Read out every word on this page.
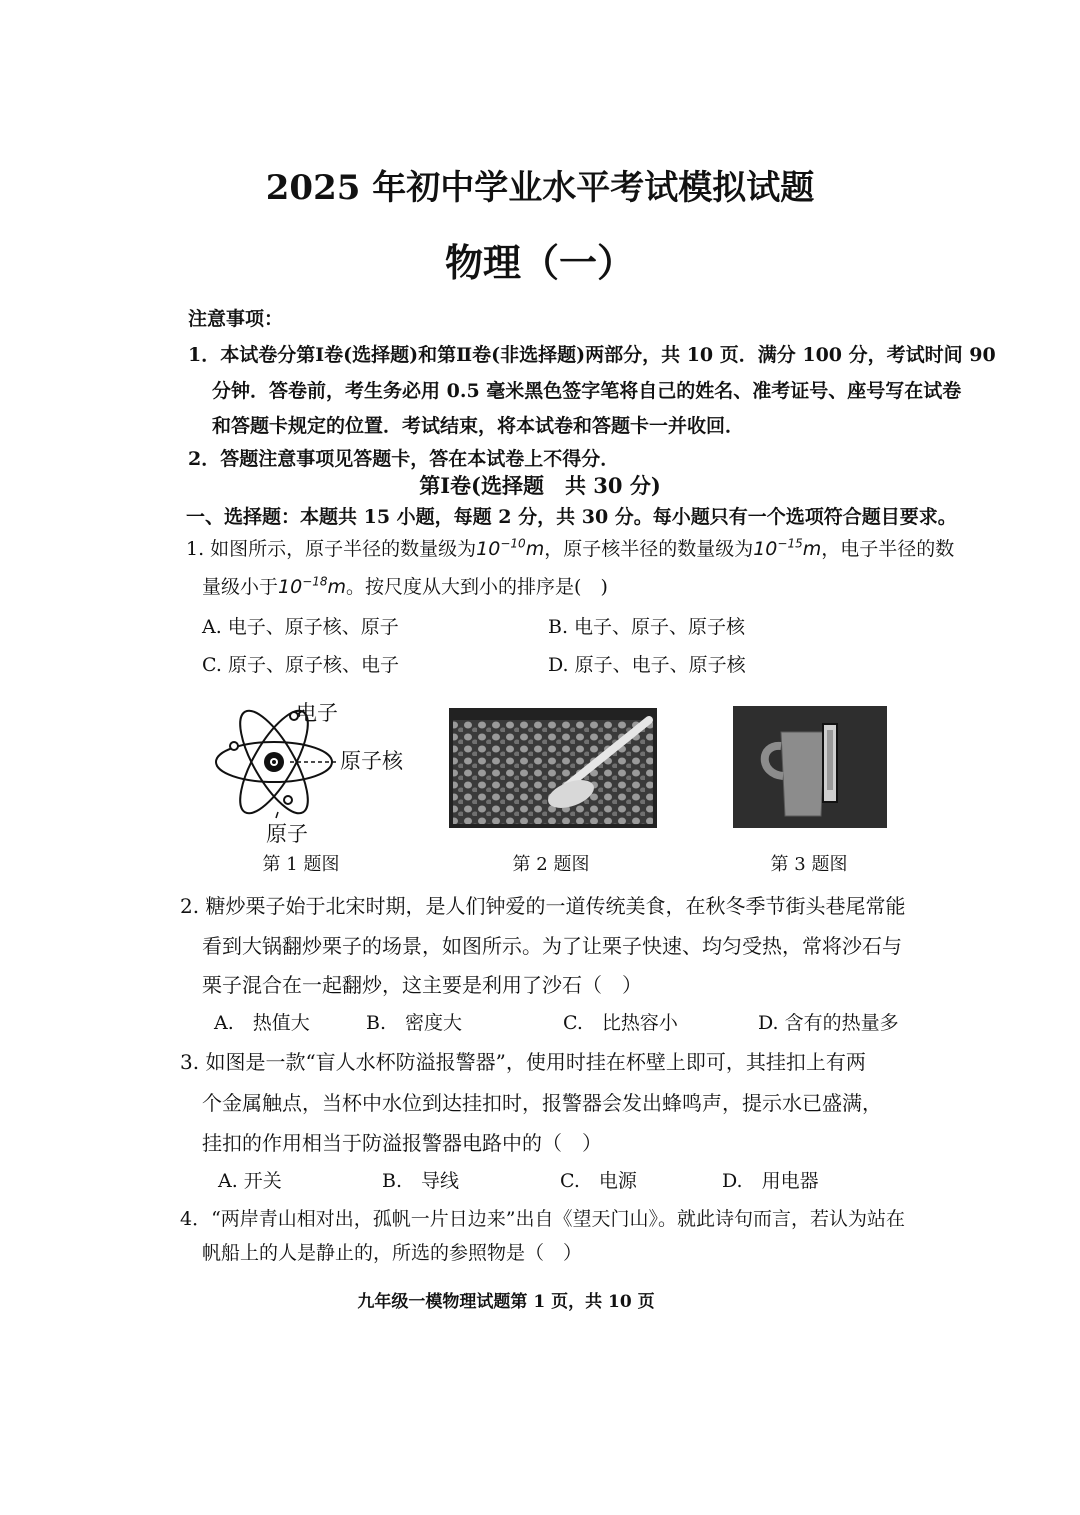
2025 年初中学业水平考试模拟试题
物理（一）
注意事项：
1．本试卷分第Ⅰ卷(选择题)和第Ⅱ卷(非选择题)两部分，共 10 页．满分 100 分，考试时间 90
分钟．答卷前，考生务必用 0.5 毫米黑色签字笔将自己的姓名、准考证号、座号写在试卷
和答题卡规定的位置．考试结束，将本试卷和答题卡一并收回．
2．答题注意事项见答题卡，答在本试卷上不得分．
第Ⅰ卷(选择题　共 30 分)
一、选择题：本题共 15 小题，每题 2 分，共 30 分。每小题只有一个选项符合题目要求。
1. 如图所示，原子半径的数量级为$10^{-10}m$，原子核半径的数量级为$10^{-15}m$，电子半径的数
量级小于$10^{-18}m$。按尺度从大到小的排序是(　)
A. 电子、原子核、原子	B. 电子、原子、原子核
C. 原子、原子核、电子	D. 原子、电子、原子核
电子
原子核
原子
第 1 题图	第 2 题图	第 3 题图
2. 糖炒栗子始于北宋时期，是人们钟爱的一道传统美食，在秋冬季节街头巷尾常能
看到大锅翻炒栗子的场景，如图所示。为了让栗子快速、均匀受热，常将沙石与
栗子混合在一起翻炒，这主要是利用了沙石（　）
A.　热值大	B.　密度大	C.　比热容小	D. 含有的热量多
3. 如图是一款“盲人水杯防溢报警器”，使用时挂在杯壁上即可，其挂扣上有两
个金属触点，当杯中水位到达挂扣时，报警器会发出蜂鸣声，提示水已盛满，
挂扣的作用相当于防溢报警器电路中的（　）
A. 开关	B.　导线	C.　电源	D.　用电器
4．“两岸青山相对出，孤帆一片日边来”出自《望天门山》。就此诗句而言，若认为站在
帆船上的人是静止的，所选的参照物是（　）
九年级一模物理试题第 1 页，共 10 页
